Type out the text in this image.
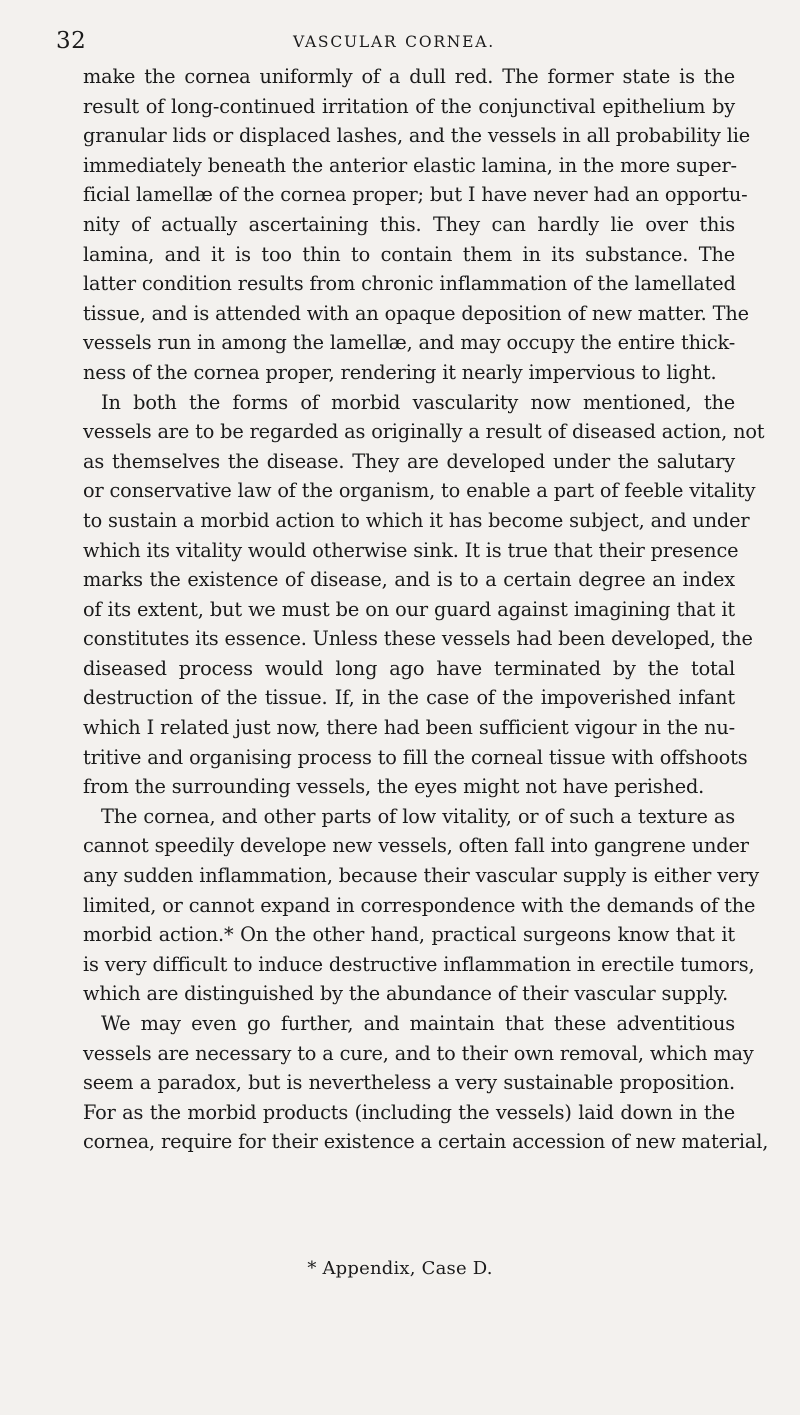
32	VASCULAR CORNEA.
make the cornea uniformly of a dull red. The former state is the
result of long-continued irritation of the conjunctival epithelium by
granular lids or displaced lashes, and the vessels in all probability lie
immediately beneath the anterior elastic lamina, in the more super-
ficial lamellæ of the cornea proper; but I have never had an opportu-
nity of actually ascertaining this. They can hardly lie over this
lamina, and it is too thin to contain them in its substance. The
latter condition results from chronic inflammation of the lamellated
tissue, and is attended with an opaque deposition of new matter. The
vessels run in among the lamellæ, and may occupy the entire thick-
ness of the cornea proper, rendering it nearly impervious to light.
In both the forms of morbid vascularity now mentioned, the
vessels are to be regarded as originally a result of diseased action, not
as themselves the disease. They are developed under the salutary
or conservative law of the organism, to enable a part of feeble vitality
to sustain a morbid action to which it has become subject, and under
which its vitality would otherwise sink. It is true that their presence
marks the existence of disease, and is to a certain degree an index
of its extent, but we must be on our guard against imagining that it
constitutes its essence. Unless these vessels had been developed, the
diseased process would long ago have terminated by the total
destruction of the tissue. If, in the case of the impoverished infant
which I related just now, there had been sufficient vigour in the nu-
tritive and organising process to fill the corneal tissue with offshoots
from the surrounding vessels, the eyes might not have perished.
The cornea, and other parts of low vitality, or of such a texture as
cannot speedily develope new vessels, often fall into gangrene under
any sudden inflammation, because their vascular supply is either very
limited, or cannot expand in correspondence with the demands of the
morbid action.* On the other hand, practical surgeons know that it
is very difficult to induce destructive inflammation in erectile tumors,
which are distinguished by the abundance of their vascular supply.
We may even go further, and maintain that these adventitious
vessels are necessary to a cure, and to their own removal, which may
seem a paradox, but is nevertheless a very sustainable proposition.
For as the morbid products (including the vessels) laid down in the
cornea, require for their existence a certain accession of new material,
* Appendix, Case D.
